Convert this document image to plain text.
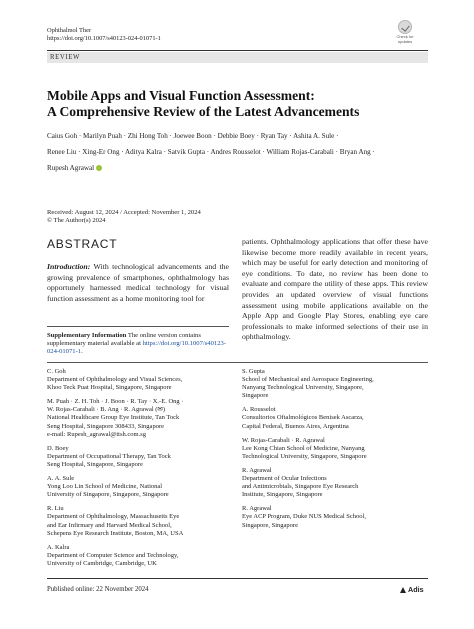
Ophthalmol Ther
https://doi.org/10.1007/s40123-024-01071-1	Check for updates
REVIEW
Mobile Apps and Visual Function Assessment:
A Comprehensive Review of the Latest Advancements
Caius Goh · Marilyn Puah · Zhi Hong Toh · Joewee Boon · Debbie Boey · Ryan Tay · Ashita A. Sule ·
Renee Liu · Xing-Er Ong · Aditya Kalra · Satvik Gupta · Andres Rousselot · William Rojas-Carabali · Bryan Ang ·
Rupesh Agrawal
Received: August 12, 2024 / Accepted: November 1, 2024
© The Author(s) 2024
ABSTRACT
Introduction: With technological advancements and the growing prevalence of smartphones, ophthalmology has opportunely harnessed medical technology for visual function assessment as a home monitoring tool for
patients. Ophthalmology applications that offer these have likewise become more readily available in recent years, which may be useful for early detection and monitoring of eye conditions. To date, no review has been done to evaluate and compare the utility of these apps. This review provides an updated overview of visual functions assessment using mobile applications available on the Apple App and Google Play Stores, enabling eye care professionals to make informed selections of their use in ophthalmology.
Supplementary Information The online version contains supplementary material available at https://doi.org/10.1007/s40123-024-01071-1.
C. Goh
Department of Ophthalmology and Visual Sciences,
Khoo Teck Puat Hospital, Singapore, Singapore
M. Puah · Z. H. Toh · J. Boon · R. Tay · X.-E. Ong ·
W. Rojas-Carabali · B. Ang · R. Agrawal (✉)
National Healthcare Group Eye Institute, Tan Tock
Seng Hospital, Singapore 308433, Singapore
e-mail: Rupesh_agrawal@ttsh.com.sg
D. Boey
Department of Occupational Therapy, Tan Tock
Seng Hospital, Singapore, Singapore
A. A. Sule
Yong Loo Lin School of Medicine, National
University of Singapore, Singapore, Singapore
R. Liu
Department of Ophthalmology, Massachusetts Eye
and Ear Infirmary and Harvard Medical School,
Schepens Eye Research Institute, Boston, MA, USA
A. Kalra
Department of Computer Science and Technology,
University of Cambridge, Cambridge, UK
S. Gupta
School of Mechanical and Aerospace Engineering,
Nanyang Technological University, Singapore,
Singapore
A. Rousselot
Consultorios Oftalmológicos Benisek Ascarza,
Capital Federal, Buenos Aires, Argentina
W. Rojas-Carabali · R. Agrawal
Lee Kong Chian School of Medicine, Nanyang
Technological University, Singapore, Singapore
R. Agrawal
Department of Ocular Infections
and Antimicrobials, Singapore Eye Research
Institute, Singapore, Singapore
R. Agrawal
Eye ACP Program, Duke NUS Medical School,
Singapore, Singapore
Published online: 22 November 2024	Adis
